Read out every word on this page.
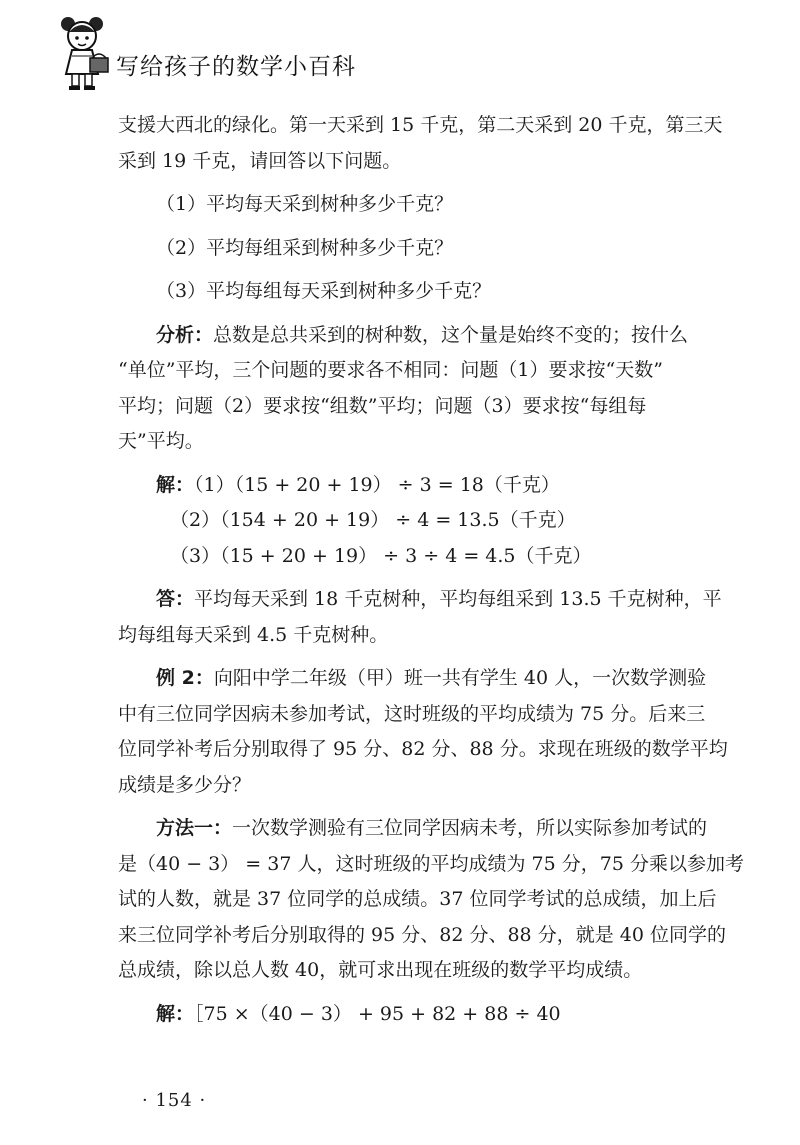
写给孩子的数学小百科

支援大西北的绿化。第一天采到 15 千克，第二天采到 20 千克，第三天

采到 19 千克，请回答以下问题。

（1）平均每天采到树种多少千克？

（2）平均每组采到树种多少千克？

（3）平均每组每天采到树种多少千克？

分析：总数是总共采到的树种数，这个量是始终不变的；按什么

“单位”平均，三个问题的要求各不相同：问题（1）要求按“天数”

平均；问题（2）要求按“组数”平均；问题（3）要求按“每组每

天”平均。

解：（1）（15 + 20 + 19） ÷ 3 = 18（千克）

（2）（154 + 20 + 19） ÷ 4 = 13.5（千克）

（3）（15 + 20 + 19） ÷ 3 ÷ 4 = 4.5（千克）

答：平均每天采到 18 千克树种，平均每组采到 13.5 千克树种，平

均每组每天采到 4.5 千克树种。

例 2：向阳中学二年级（甲）班一共有学生 40 人，一次数学测验

中有三位同学因病未参加考试，这时班级的平均成绩为 75 分。后来三

位同学补考后分别取得了 95 分、82 分、88 分。求现在班级的数学平均

成绩是多少分？

方法一：一次数学测验有三位同学因病未考，所以实际参加考试的

是（40 − 3） = 37 人，这时班级的平均成绩为 75 分，75 分乘以参加考

试的人数，就是 37 位同学的总成绩。37 位同学考试的总成绩，加上后

来三位同学补考后分别取得的 95 分、82 分、88 分，就是 40 位同学的

总成绩，除以总人数 40，就可求出现在班级的数学平均成绩。

解：［75 ×（40 − 3） + 95 + 82 + 88 ÷ 40

· 154 ·
